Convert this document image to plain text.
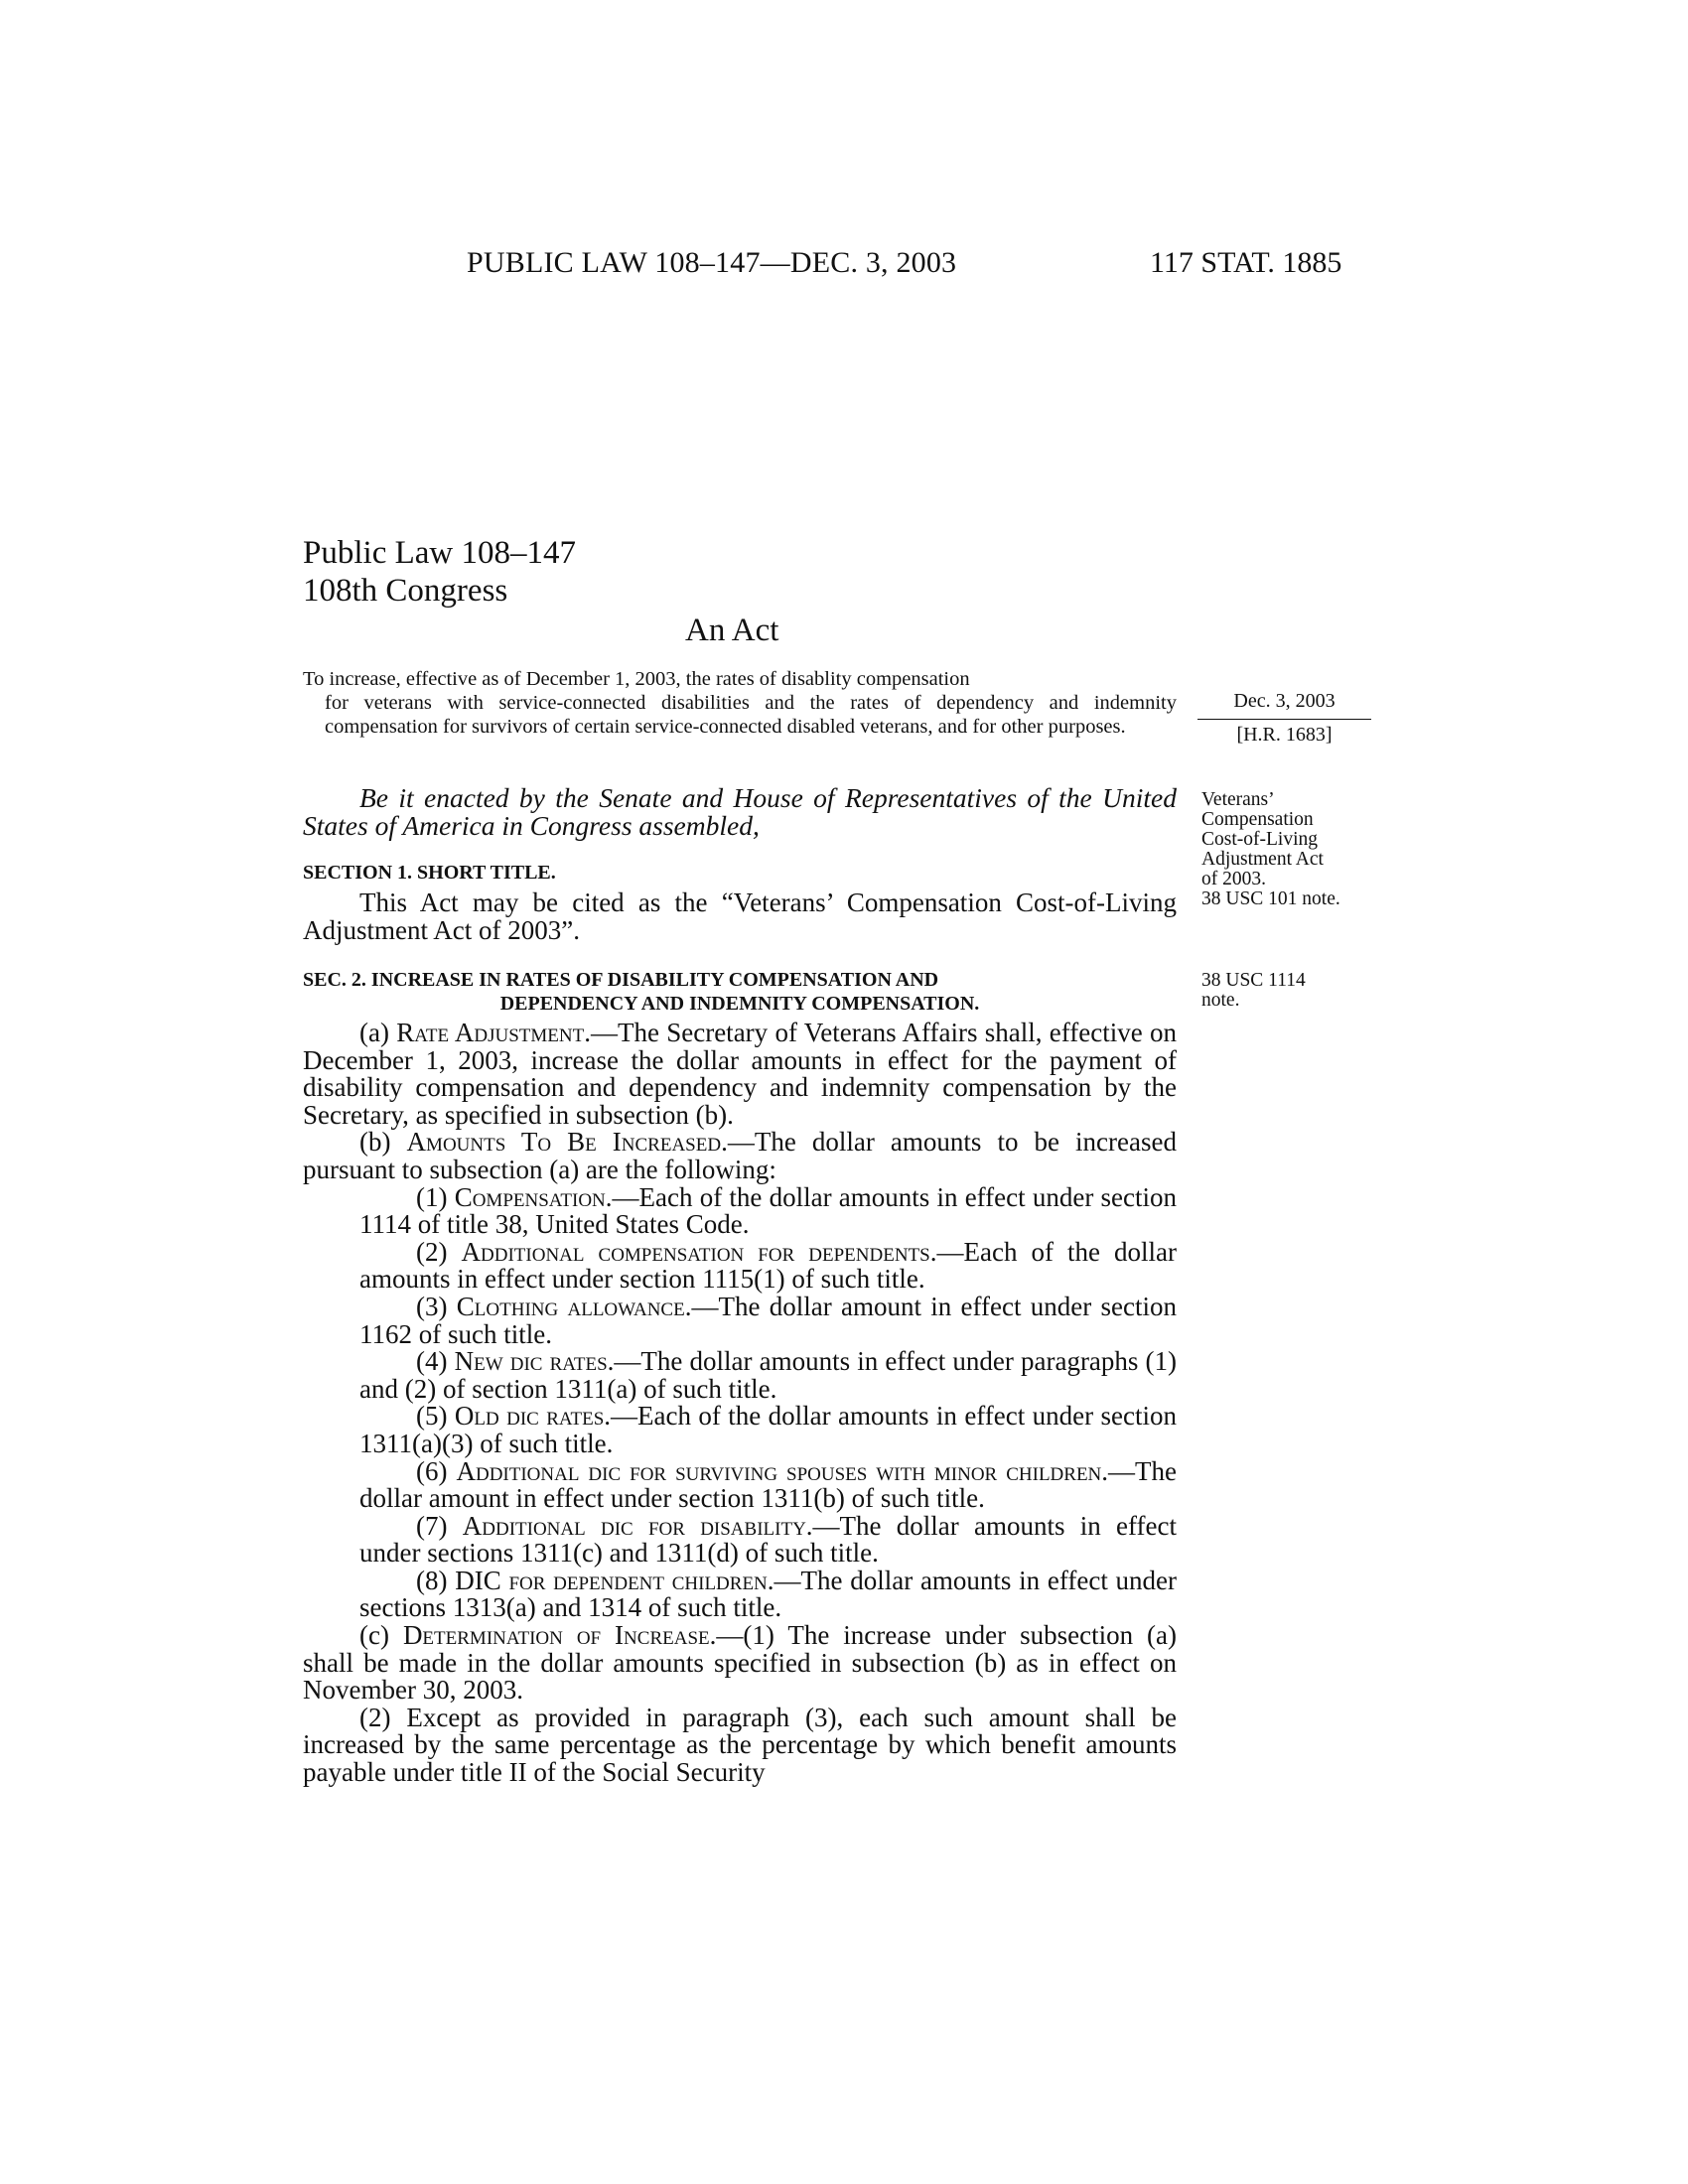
PUBLIC LAW 108–147—DEC. 3, 2003	117 STAT. 1885
Public Law 108–147
108th Congress
An Act

To increase, effective as of December 1, 2003, the rates of disablity compensation

for veterans with service-connected disabilities and the rates of dependency and indemnity compensation for survivors of certain service-connected disabled veterans, and for other purposes.

Dec. 3, 2003
[H.R. 1683]
Be it enacted by the Senate and House of Representatives of the United States of America in Congress assembled,
Veterans’
Compensation
Cost-of-Living
Adjustment Act
of 2003.
38 USC 101 note.
SECTION 1. SHORT TITLE.
This Act may be cited as the “Veterans’ Compensation Cost-of-Living Adjustment Act of 2003”.
SEC. 2. INCREASE IN RATES OF DISABILITY COMPENSATION AND
DEPENDENCY AND INDEMNITY COMPENSATION.
38 USC 1114
note.

(a) Rate Adjustment.—The Secretary of Veterans Affairs shall, effective on December 1, 2003, increase the dollar amounts in effect for the payment of disability compensation and dependency and indemnity compensation by the Secretary, as specified in subsection (b).

(b) Amounts To Be Increased.—The dollar amounts to be increased pursuant to subsection (a) are the following:

(1) Compensation.—Each of the dollar amounts in effect under section 1114 of title 38, United States Code.

(2) Additional compensation for dependents.—Each of the dollar amounts in effect under section 1115(1) of such title.

(3) Clothing allowance.—The dollar amount in effect under section 1162 of such title.

(4) New dic rates.—The dollar amounts in effect under paragraphs (1) and (2) of section 1311(a) of such title.

(5) Old dic rates.—Each of the dollar amounts in effect under section 1311(a)(3) of such title.

(6) Additional dic for surviving spouses with minor children.—The dollar amount in effect under section 1311(b) of such title.

(7) Additional dic for disability.—The dollar amounts in effect under sections 1311(c) and 1311(d) of such title.

(8) DIC for dependent children.—The dollar amounts in effect under sections 1313(a) and 1314 of such title.

(c) Determination of Increase.—(1) The increase under subsection (a) shall be made in the dollar amounts specified in subsection (b) as in effect on November 30, 2003.

(2) Except as provided in paragraph (3), each such amount shall be increased by the same percentage as the percentage by which benefit amounts payable under title II of the Social Security
